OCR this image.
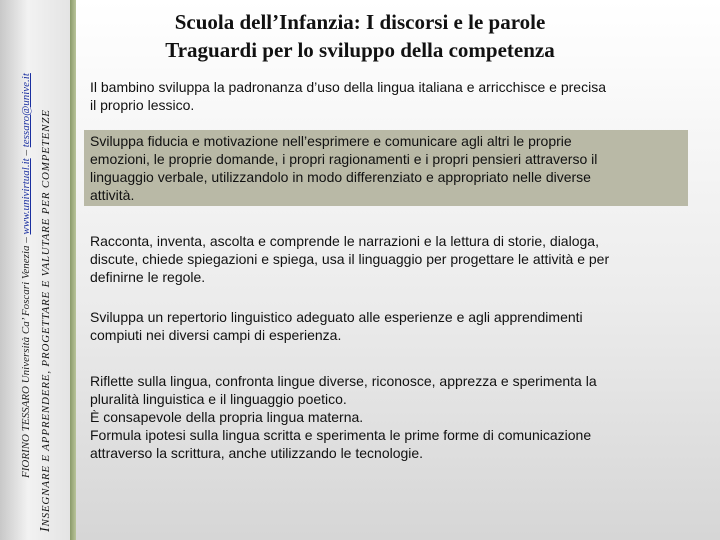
Scuola dell’Infanzia: I discorsi e le parole
Traguardi per lo sviluppo della competenza
FIORINO TESSARO Università Ca’ Foscari Venezia – www.univirtual.it – tessaro@unive.it
INSEGNARE E APPRENDERE, PROGETTARE E VALUTARE PER COMPETENZE
Il bambino sviluppa la padronanza d’uso della lingua italiana e arricchisce e precisa
il proprio lessico.
Sviluppa fiducia e motivazione nell’esprimere e comunicare agli altri le proprie
emozioni, le proprie domande, i propri ragionamenti e i propri pensieri attraverso il
linguaggio verbale, utilizzandolo in modo differenziato e appropriato nelle diverse
attività.
Racconta, inventa, ascolta e comprende le narrazioni e la lettura di storie, dialoga,
discute, chiede spiegazioni e spiega, usa il linguaggio per progettare le attività e per
definirne le regole.
Sviluppa un repertorio linguistico adeguato alle esperienze e agli apprendimenti
compiuti nei diversi campi di esperienza.
Riflette sulla lingua, confronta lingue diverse, riconosce, apprezza e sperimenta la
pluralità linguistica e il linguaggio poetico.
È consapevole della propria lingua materna.
Formula ipotesi sulla lingua scritta e sperimenta le prime forme di comunicazione
attraverso la scrittura, anche utilizzando le tecnologie.
